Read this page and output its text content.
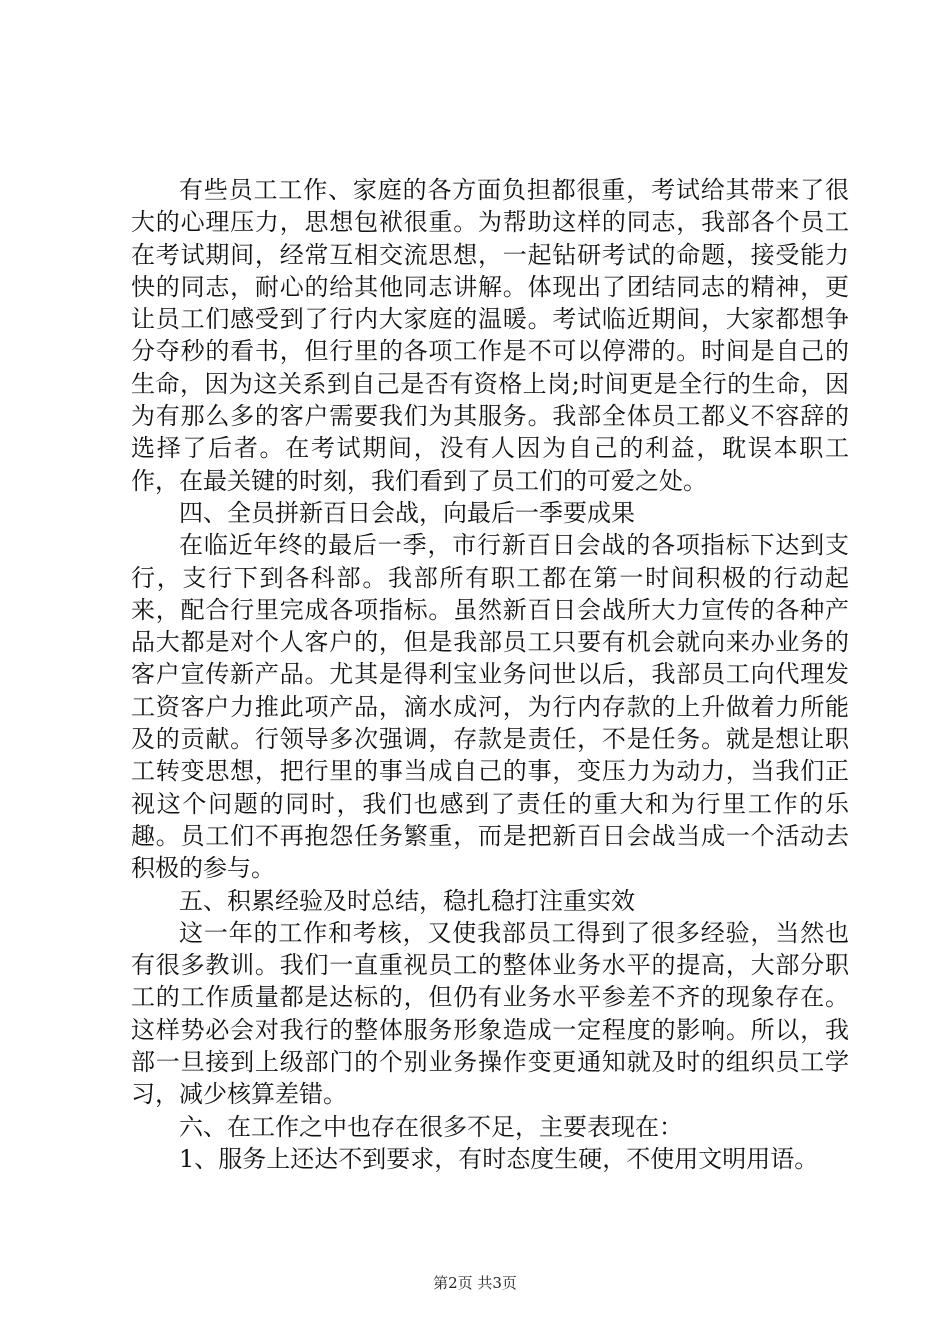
有些员工工作、家庭的各方面负担都很重，考试给其带来了很大的心理压力，思想包袱很重。为帮助这样的同志，我部各个员工在考试期间，经常互相交流思想，一起钻研考试的命题，接受能力快的同志，耐心的给其他同志讲解。体现出了团结同志的精神，更让员工们感受到了行内大家庭的温暖。考试临近期间，大家都想争分夺秒的看书，但行里的各项工作是不可以停滞的。时间是自己的生命，因为这关系到自己是否有资格上岗;时间更是全行的生命，因为有那么多的客户需要我们为其服务。我部全体员工都义不容辞的选择了后者。在考试期间，没有人因为自己的利益，耽误本职工作，在最关键的时刻，我们看到了员工们的可爱之处。

四、全员拼新百日会战，向最后一季要成果

在临近年终的最后一季，市行新百日会战的各项指标下达到支行，支行下到各科部。我部所有职工都在第一时间积极的行动起来，配合行里完成各项指标。虽然新百日会战所大力宣传的各种产品大都是对个人客户的，但是我部员工只要有机会就向来办业务的客户宣传新产品。尤其是得利宝业务问世以后，我部员工向代理发工资客户力推此项产品，滴水成河，为行内存款的上升做着力所能及的贡献。行领导多次强调，存款是责任，不是任务。就是想让职工转变思想，把行里的事当成自己的事，变压力为动力，当我们正视这个问题的同时，我们也感到了责任的重大和为行里工作的乐趣。员工们不再抱怨任务繁重，而是把新百日会战当成一个活动去积极的参与。

五、积累经验及时总结，稳扎稳打注重实效

这一年的工作和考核，又使我部员工得到了很多经验，当然也有很多教训。我们一直重视员工的整体业务水平的提高，大部分职工的工作质量都是达标的，但仍有业务水平参差不齐的现象存在。这样势必会对我行的整体服务形象造成一定程度的影响。所以，我部一旦接到上级部门的个别业务操作变更通知就及时的组织员工学习，减少核算差错。

六、在工作之中也存在很多不足，主要表现在：

1、服务上还达不到要求，有时态度生硬，不使用文明用语。

第2页 共3页
